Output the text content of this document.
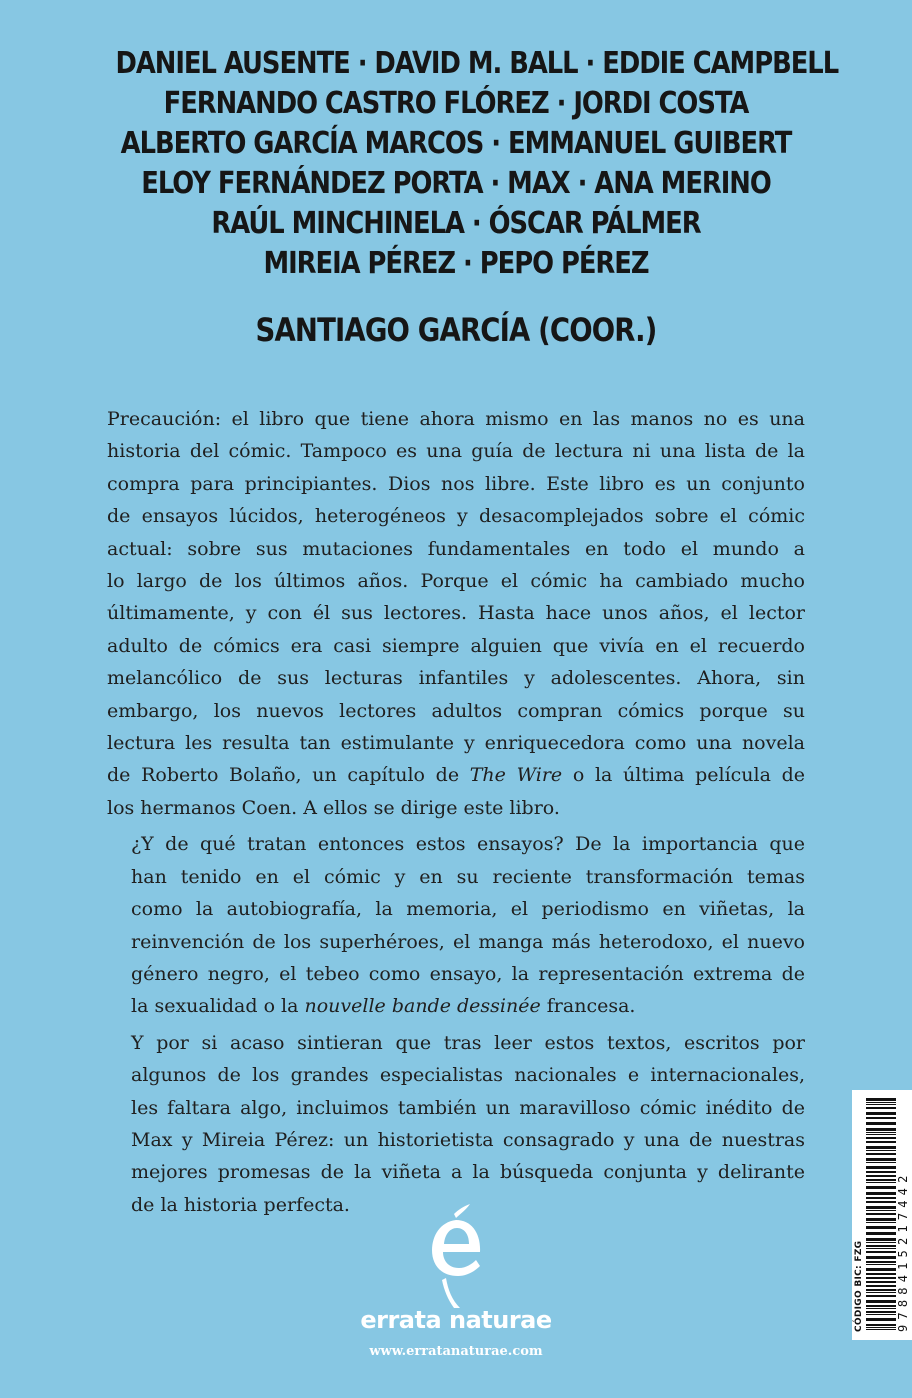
DANIEL AUSENTE · DAVID M. BALL · EDDIE CAMPBELL
FERNANDO CASTRO FLÓREZ · JORDI COSTA
ALBERTO GARCÍA MARCOS · EMMANUEL GUIBERT
ELOY FERNÁNDEZ PORTA · MAX · ANA MERINO
RAÚL MINCHINELA · ÓSCAR PÁLMER
MIREIA PÉREZ · PEPO PÉREZ
SANTIAGO GARCÍA (COOR.)

Precaución: el libro que tiene ahora mismo en las manos no es una
historia del cómic. Tampoco es una guía de lectura ni una lista de la
compra para principiantes. Dios nos libre. Este libro es un conjunto
de ensayos lúcidos, heterogéneos y desacomplejados sobre el cómic
actual: sobre sus mutaciones fundamentales en todo el mundo a
lo largo de los últimos años. Porque el cómic ha cambiado mucho
últimamente, y con él sus lectores. Hasta hace unos años, el lector
adulto de cómics era casi siempre alguien que vivía en el recuerdo
melancólico de sus lecturas infantiles y adolescentes. Ahora, sin
embargo, los nuevos lectores adultos compran cómics porque su
lectura les resulta tan estimulante y enriquecedora como una novela
de Roberto Bolaño, un capítulo de The Wire o la última película de
los hermanos Coen. A ellos se dirige este libro.

¿Y de qué tratan entonces estos ensayos? De la importancia que
han tenido en el cómic y en su reciente transformación temas
como la autobiografía, la memoria, el periodismo en viñetas, la
reinvención de los superhéroes, el manga más heterodoxo, el nuevo
género negro, el tebeo como ensayo, la representación extrema de
la sexualidad o la nouvelle bande dessinée francesa.

Y por si acaso sintieran que tras leer estos textos, escritos por
algunos de los grandes especialistas nacionales e internacionales,
les faltara algo, incluimos también un maravilloso cómic inédito de
Max y Mireia Pérez: un historietista consagrado y una de nuestras
mejores promesas de la viñeta a la búsqueda conjunta y delirante
de la historia perfecta.

errata naturae
www.erratanaturae.com
CÓDIGO BIC: FZG	9788415217442
